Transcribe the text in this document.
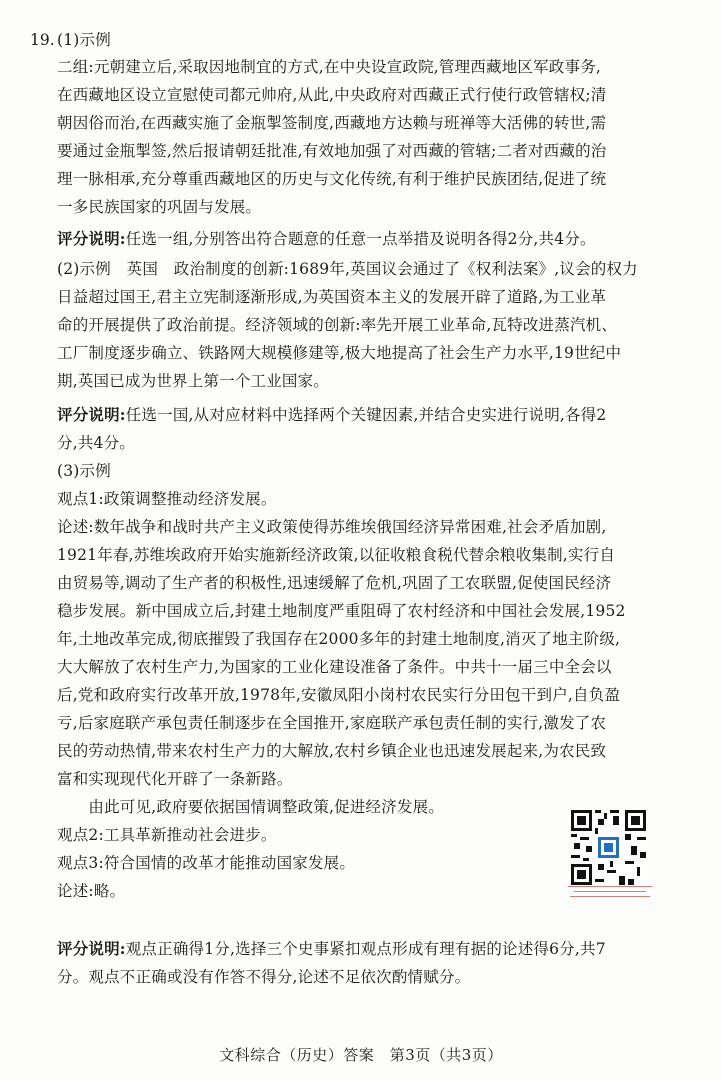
19. (1)示例
二组:元朝建立后,采取因地制宜的方式,在中央设宣政院,管理西藏地区军政事务,
在西藏地区设立宣慰使司都元帅府,从此,中央政府对西藏正式行使行政管辖权;清
朝因俗而治,在西藏实施了金瓶掣签制度,西藏地方达赖与班禅等大活佛的转世,需
要通过金瓶掣签,然后报请朝廷批准,有效地加强了对西藏的管辖;二者对西藏的治
理一脉相承,充分尊重西藏地区的历史与文化传统,有利于维护民族团结,促进了统
一多民族国家的巩固与发展。
评分说明:任选一组,分别答出符合题意的任意一点举措及说明各得2分,共4分。
(2)示例　英国　政治制度的创新:1689年,英国议会通过了《权利法案》,议会的权力
日益超过国王,君主立宪制逐渐形成,为英国资本主义的发展开辟了道路,为工业革
命的开展提供了政治前提。经济领域的创新:率先开展工业革命,瓦特改进蒸汽机、
工厂制度逐步确立、铁路网大规模修建等,极大地提高了社会生产力水平,19世纪中
期,英国已成为世界上第一个工业国家。
评分说明:任选一国,从对应材料中选择两个关键因素,并结合史实进行说明,各得2
分,共4分。
(3)示例
观点1:政策调整推动经济发展。
论述:数年战争和战时共产主义政策使得苏维埃俄国经济异常困难,社会矛盾加剧,
1921年春,苏维埃政府开始实施新经济政策,以征收粮食税代替余粮收集制,实行自
由贸易等,调动了生产者的积极性,迅速缓解了危机,巩固了工农联盟,促使国民经济
稳步发展。新中国成立后,封建土地制度严重阻碍了农村经济和中国社会发展,1952
年,土地改革完成,彻底摧毁了我国存在2000多年的封建土地制度,消灭了地主阶级,
大大解放了农村生产力,为国家的工业化建设准备了条件。中共十一届三中全会以
后,党和政府实行改革开放,1978年,安徽凤阳小岗村农民实行分田包干到户,自负盈
亏,后家庭联产承包责任制逐步在全国推开,家庭联产承包责任制的实行,激发了农
民的劳动热情,带来农村生产力的大解放,农村乡镇企业也迅速发展起来,为农民致
富和实现现代化开辟了一条新路。
　　由此可见,政府要依据国情调整政策,促进经济发展。
观点2:工具革新推动社会进步。
观点3:符合国情的改革才能推动国家发展。
论述:略。
评分说明:观点正确得1分,选择三个史事紧扣观点形成有理有据的论述得6分,共7
分。观点不正确或没有作答不得分,论述不足依次酌情赋分。
文科综合（历史）答案　第3页（共3页）
